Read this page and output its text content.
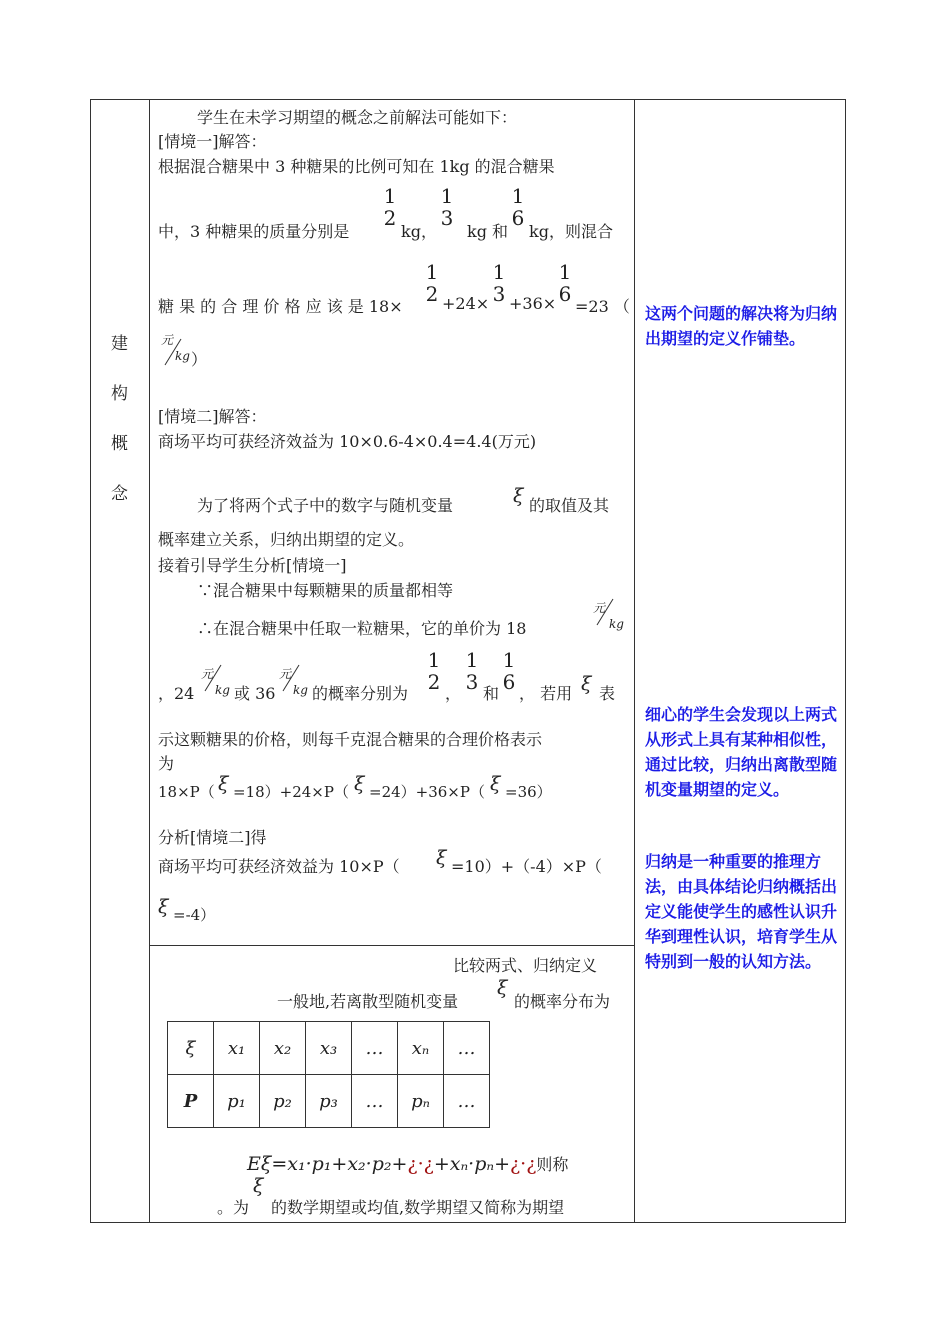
建
构
概
念
学生在未学习期望的概念之前解法可能如下：
[情境一]解答：
根据混合糖果中 3 种糖果的比例可知在 1kg 的混合糖果
中，3 种糖果的质量分别是
1
2
kg，
1
3
kg 和
1
6
kg，则混合
糖 果 的 合 理 价 格 应 该 是 18×
1
2 +24×
1
3 +36×
1
6
=23 （
元
kg ）
[情境二]解答：
商场平均可获经济效益为 10×0.6-4×0.4=4.4(万元)
为了将两个式子中的数字与随机变量	ξ 的取值及其
概率建立关系，归纳出期望的定义。
接着引导学生分析[情境一]
∵混合糖果中每颗糖果的质量都相等
∴在混合糖果中任取一粒糖果，它的单价为 18
元
kg
，24
元
kg 或 36
元
kg 的概率分别为
1
2 ，
1
3 和
1
6 ， 若用 ξ 表
示这颗糖果的价格，则每千克混合糖果的合理价格表示
为
18×P（ ξ =18）+24×P（ ξ =24）+36×P（ ξ =36）
分析[情境二]得
商场平均可获经济效益为 10×P（ ξ =10）+（-4）×P（
ξ =-4）
比较两式、归纳定义
一般地,若离散型随机变量
ξ
的概率分布为
ξ	x₁	x₂	x₃	…	xₙ	…
P	p₁	p₂	p₃	…	pₙ	…
Eξ=x₁·p₁+x₂·p₂+¿·¿+xₙ·pₙ+¿·¿则称
。为
ξ
的数学期望或均值,数学期望又简称为期望
这两个问题的解决将为归纳出期望的定义作铺垫。
细心的学生会发现以上两式从形式上具有某种相似性，通过比较，归纳出离散型随机变量期望的定义。
归纳是一种重要的推理方法，由具体结论归纳概括出定义能使学生的感性认识升华到理性认识，培育学生从特别到一般的认知方法。
